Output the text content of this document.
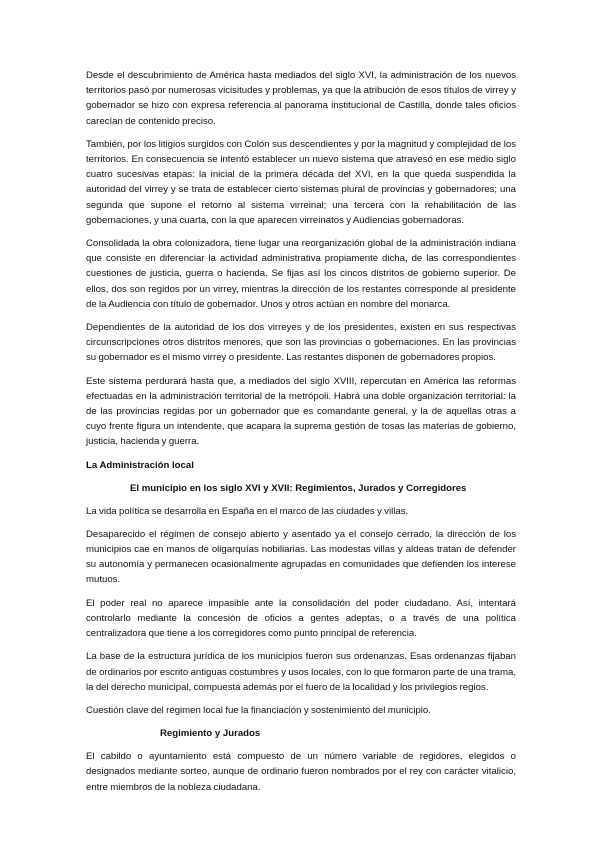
Desde el descubrimiento de América hasta mediados del siglo XVI, la administración de los nuevos territorios pasó por numerosas vicisitudes y problemas, ya que la atribución de esos títulos de virrey y gobernador se hizo con expresa referencia al panorama institucional de Castilla, donde tales oficios carecían de contenido preciso.

También, por los litigios surgidos con Colón sus descendientes y por la magnitud y complejidad de los territorios. En consecuencia se intentó establecer un nuevo sistema que atravesó en ese medio siglo cuatro sucesivas etapas: la inicial de la primera década del XVI, en la que queda suspendida la autoridad del virrey y se trata de establecer cierto sistemas plural de provincias y gobernadores; una segunda que supone el retorno al sistema virreinal; una tercera con la rehabilitación de las gobernaciones, y una cuarta, con la que aparecen virreinatos y Audiencias gobernadoras.

Consolidada la obra colonizadora, tiene lugar una reorganización global de la administración indiana que consiste en diferenciar la actividad administrativa propiamente dicha, de las correspondientes cuestiones de justicia, guerra o hacienda. Se fijas así los cincos distritos de gobierno superior. De ellos, dos son regidos por un virrey, mientras la dirección de los restantes corresponde al presidente de la Audiencia con título de gobernador. Unos y otros actúan en nombre del monarca.

Dependientes de la autoridad de los dos virreyes y de los presidentes, existen en sus respectivas circunscripciones otros distritos menores, que son las provincias o gobernaciones. En las provincias su gobernador es el mismo virrey o presidente. Las restantes disponen de gobernadores propios.

Este sistema perdurará hasta que, a mediados del siglo XVIII, repercutan en América las reformas efectuadas en la administración territorial de la metrópoli. Habrá una doble organización territorial: la de las provincias regidas por un gobernador que es comandante general, y la de aquellas otras a cuyo frente figura un intendente, que acapara la suprema gestión de tosas las materias de gobierno, justicia, hacienda y guerra.

La Administración local
El municipio en los siglo XVI y XVII: Regimientos, Jurados y Corregidores

La vida política se desarrolla en España en el marco de las ciudades y villas.

Desaparecido el régimen de consejo abierto y asentado ya el consejo cerrado, la dirección de los municipios cae en manos de oligarquías nobiliarias. Las modestas villas y aldeas tratan de defender su autonomía y permanecen ocasionalmente agrupadas en comunidades que defienden los interese mutuos.

El poder real no aparece impasible ante la consolidación del poder ciudadano. Así, intentará controlarlo mediante la concesión de oficios a gentes adeptas, o a través de una política centralizadora que tiene a los corregidores como punto principal de referencia.

La base de la estructura jurídica de los municipios fueron sus ordenanzas. Esas ordenanzas fijaban de ordinarios por escrito antiguas costumbres y usos locales, con lo que formaron parte de una trama, la del derecho municipal, compuesta además por el fuero de la localidad y los privilegios regios.

Cuestión clave del régimen local fue la financiación y sostenimiento del municipio.

Regimiento y Jurados

El cabildo o ayuntamiento está compuesto de un número variable de regidores, elegidos o designados mediante sorteo, aunque de ordinario fueron nombrados por el rey con carácter vitalicio, entre miembros de la nobleza ciudadana.
